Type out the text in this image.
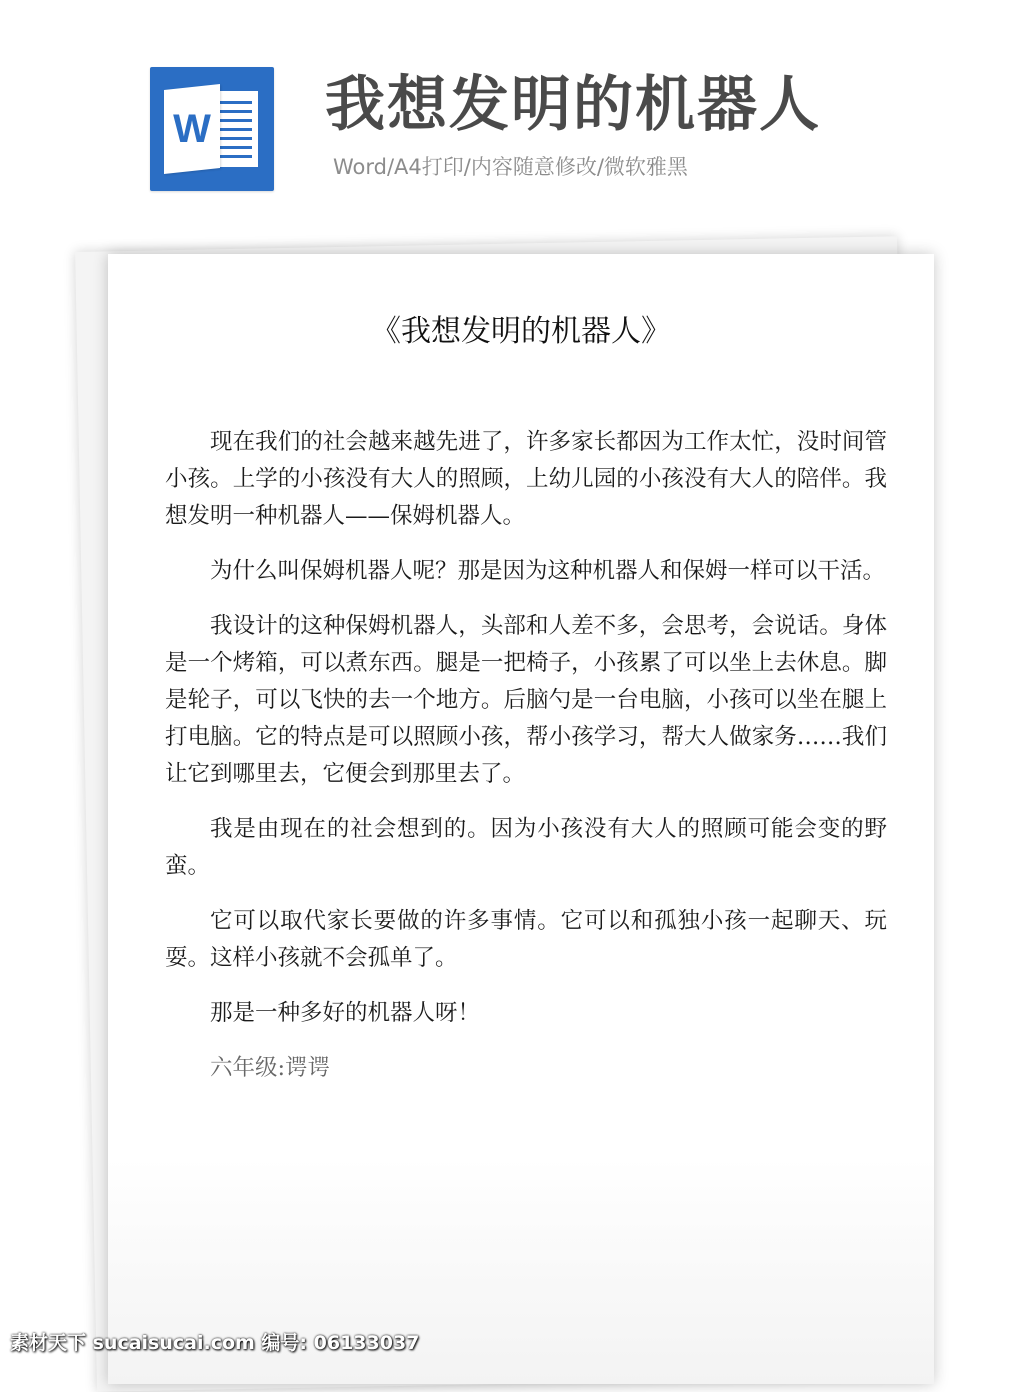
W 我想发明的机器人
Word/A4打印/内容随意修改/微软雅黑
《我想发明的机器人》

现在我们的社会越来越先进了，许多家长都因为工作太忙，没时间管小孩。上学的小孩没有大人的照顾，上幼儿园的小孩没有大人的陪伴。我想发明一种机器人——保姆机器人。

为什么叫保姆机器人呢？那是因为这种机器人和保姆一样可以干活。

我设计的这种保姆机器人，头部和人差不多，会思考，会说话。身体是一个烤箱，可以煮东西。腿是一把椅子，小孩累了可以坐上去休息。脚是轮子，可以飞快的去一个地方。后脑勺是一台电脑，小孩可以坐在腿上打电脑。它的特点是可以照顾小孩，帮小孩学习，帮大人做家务……我们让它到哪里去，它便会到那里去了。

我是由现在的社会想到的。因为小孩没有大人的照顾可能会变的野蛮。

它可以取代家长要做的许多事情。它可以和孤独小孩一起聊天、玩耍。这样小孩就不会孤单了。

那是一种多好的机器人呀！

六年级:谔谔

素材天下 sucaisucai.com 编号: 06133037
